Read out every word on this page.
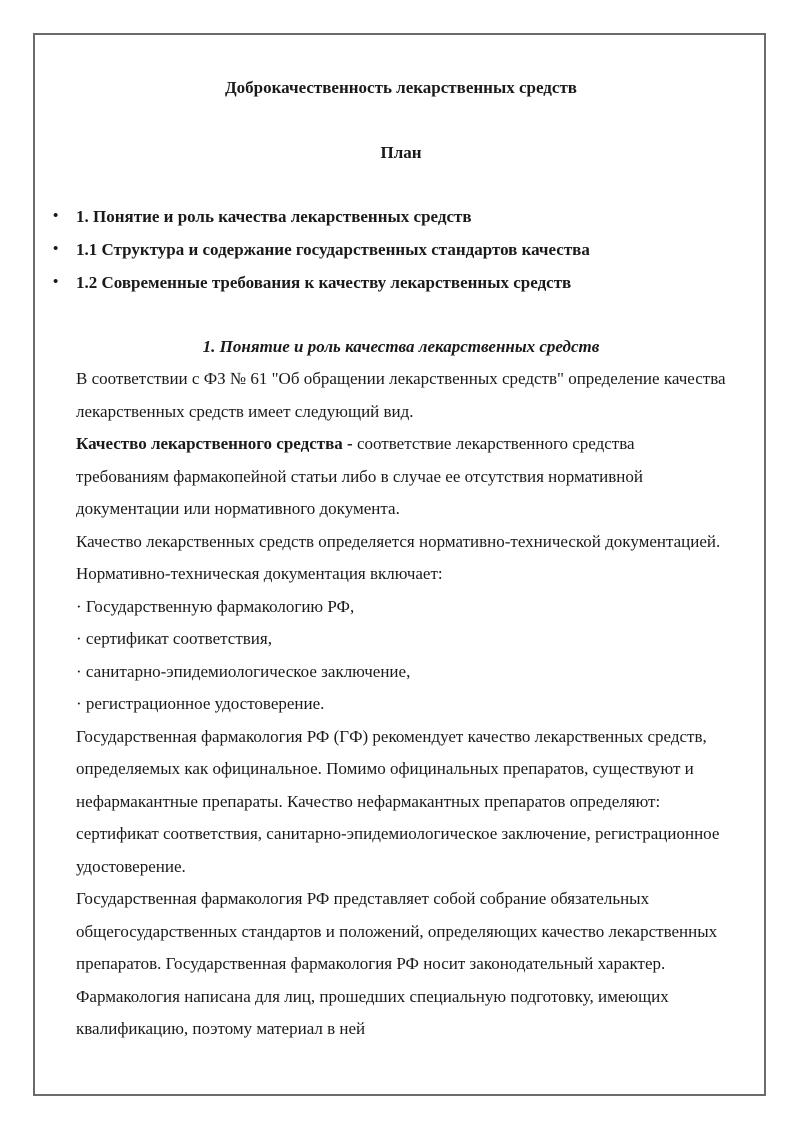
Доброкачественность лекарственных средств

План

• 1. Понятие и роль качества лекарственных средств
• 1.1 Структура и содержание государственных стандартов качества
• 1.2 Современные требования к качеству лекарственных средств

1. Понятие и роль качества лекарственных средств

В соответствии с ФЗ № 61 "Об обращении лекарственных средств" определение качества лекарственных средств имеет следующий вид.

Качество лекарственного средства - соответствие лекарственного средства требованиям фармакопейной статьи либо в случае ее отсутствия нормативной документации или нормативного документа.

Качество лекарственных средств определяется нормативно-технической документацией. Нормативно-техническая документация включает:

· Государственную фармакологию РФ,

· сертификат соответствия,

· санитарно-эпидемиологическое заключение,

· регистрационное удостоверение.

Государственная фармакология РФ (ГФ) рекомендует качество лекарственных средств, определяемых как официнальное. Помимо официнальных препаратов, существуют и нефармакантные препараты. Качество нефармакантных препаратов определяют: сертификат соответствия, санитарно-эпидемиологическое заключение, регистрационное удостоверение.

Государственная фармакология РФ представляет собой собрание обязательных общегосударственных стандартов и положений, определяющих качество лекарственных препаратов. Государственная фармакология РФ носит законодательный характер. Фармакология написана для лиц, прошедших специальную подготовку, имеющих квалификацию, поэтому материал в ней
